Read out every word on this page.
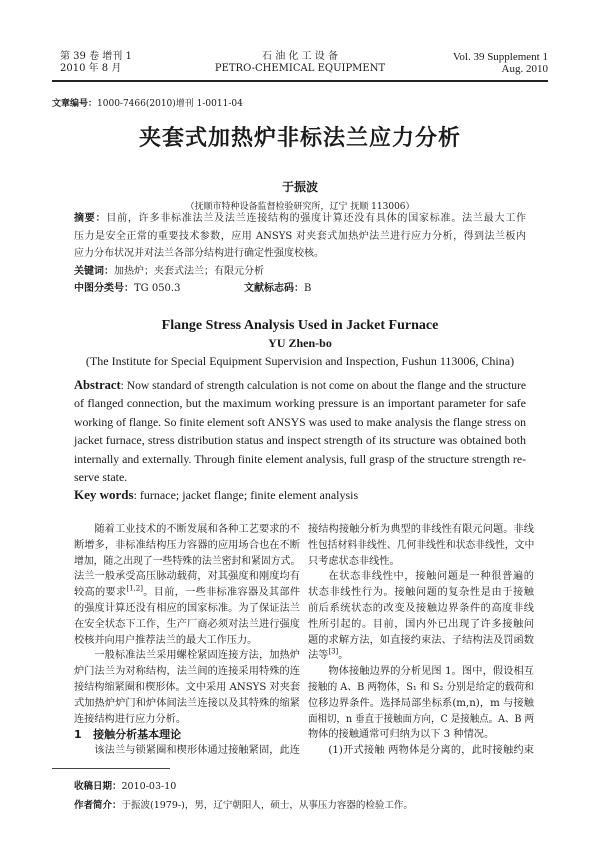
第 39 卷 增刊 1
2010 年 8 月
石 油 化 工 设 备
PETRO-CHEMICAL EQUIPMENT
Vol. 39 Supplement 1
Aug. 2010
文章编号：1000-7466(2010)增刊 1-0011-04
夹套式加热炉非标法兰应力分析
于振波
（抚顺市特种设备监督检验研究所，辽宁 抚顺 113006）
摘要：目前，许多非标准法兰及法兰连接结构的强度计算还没有具体的国家标准。法兰最大工作
压力是安全正常的重要技术参数，应用 ANSYS 对夹套式加热炉法兰进行应力分析，得到法兰板内
应力分布状况并对法兰各部分结构进行确定性强度校核。
关键词：加热炉；夹套式法兰；有限元分析
中图分类号：TG 050.3	文献标志码：B
Flange Stress Analysis Used in Jacket Furnace
YU Zhen-bo
(The Institute for Special Equipment Supervision and Inspection, Fushun 113006, China)
Abstract: Now standard of strength calculation is not come on about the flange and the structure
of flanged connection, but the maximum working pressure is an important parameter for safe
working of flange. So finite element soft ANSYS was used to make analysis the flange stress on
jacket furnace, stress distribution status and inspect strength of its structure was obtained both
internally and externally. Through finite element analysis, full grasp of the structure strength re-
serve state.
Key words: furnace; jacket flange; finite element analysis
随着工业技术的不断发展和各种工艺要求的不
断增多，非标准结构压力容器的应用场合也在不断
增加，随之出现了一些特殊的法兰密封和紧固方式。
法兰一般承受高压脉动载荷，对其强度和刚度均有
较高的要求[1,2]。目前，一些非标准容器及其部件
的强度计算还没有相应的国家标准。为了保证法兰
在安全状态下工作，生产厂商必须对法兰进行强度
校核并向用户推荐法兰的最大工作压力。
一般标准法兰采用螺栓紧固连接方法，加热炉
炉门法兰为对称结构，法兰间的连接采用特殊的连
接结构缩紧圈和楔形体。文中采用 ANSYS 对夹套
式加热炉炉门和炉体间法兰连接以及其特殊的缩紧
连接结构进行应力分析。
1 接触分析基本理论
该法兰与锁紧圈和楔形体通过接触紧固，此连
接结构接触分析为典型的非线性有限元问题。非线
性包括材料非线性、几何非线性和状态非线性，文中
只考虑状态非线性。
在状态非线性中，接触问题是一种很普遍的
状态非线性行为。接触问题的复杂性是由于接触
前后系统状态的改变及接触边界条件的高度非线
性所引起的。目前，国内外已出现了许多接触问
题的求解方法，如直接约束法、子结构法及罚函数
法等[3]。
物体接触边界的分析见图 1。图中，假设相互
接触的 A、B 两物体，S₁ 和 S₂ 分别是给定的载荷和
位移边界条件。选择局部坐标系(m,n)，m 与接触
面相切，n 垂直于接触面方向，C 是接触点。A、B 两
物体的接触通常可归纳为以下 3 种情况。
(1)开式接触 两物体是分离的，此时接触约束
收稿日期：2010-03-10
作者简介：于振波(1979-)，男，辽宁朝阳人，硕士，从事压力容器的检验工作。
